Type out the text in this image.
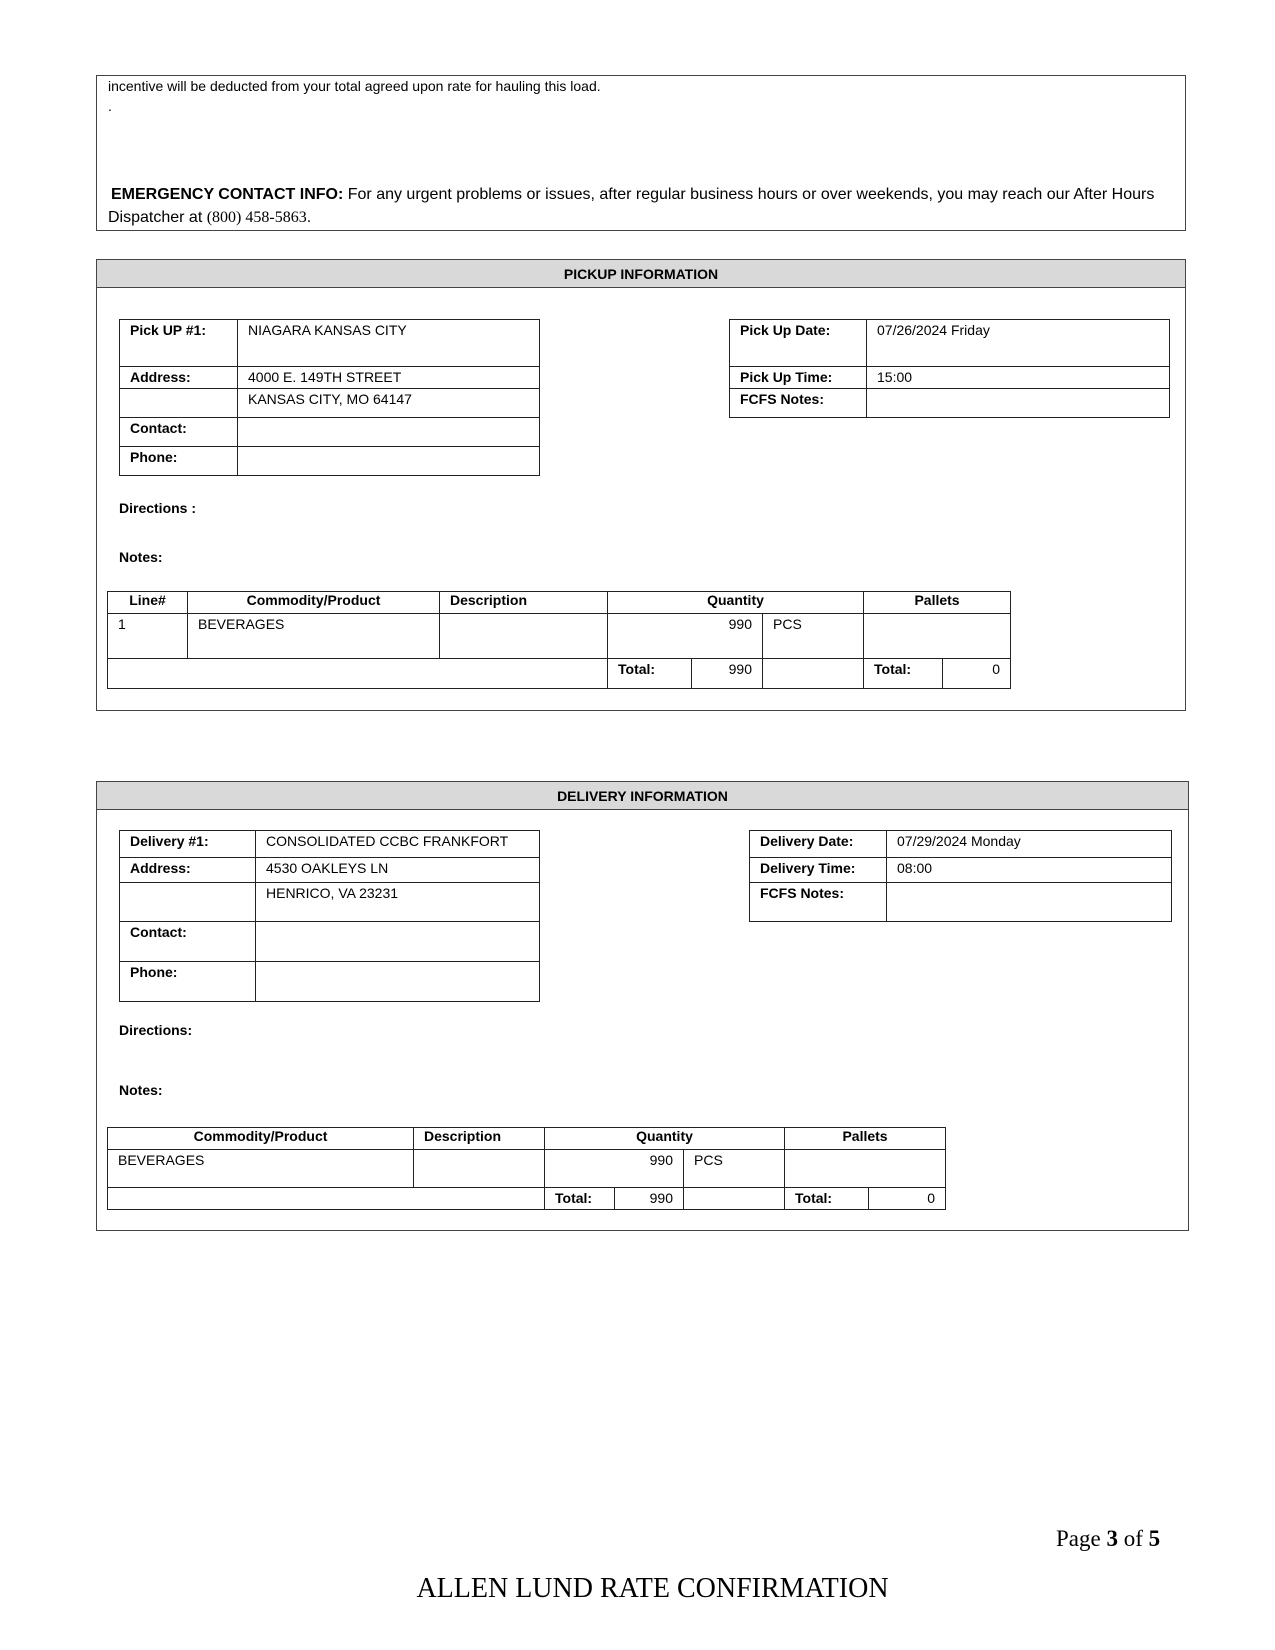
incentive will be deducted from your total agreed upon rate for hauling this load.
.
EMERGENCY CONTACT INFO: For any urgent problems or issues, after regular business hours or over weekends, you may reach our After Hours Dispatcher at (800) 458-5863.
PICKUP INFORMATION
Pick UP #1:	NIAGARA KANSAS CITY
Address:	4000 E. 149TH STREET
	KANSAS CITY, MO 64147
Contact:	
Phone:	
Pick Up Date:	07/26/2024 Friday
Pick Up Time:	15:00
FCFS Notes:	
Directions :
Notes:
Line#	Commodity/Product	Description	Quantity			Pallets	
1	BEVERAGES		990		PCS		
			Total:	990		Total:	0
DELIVERY INFORMATION
Delivery #1:	CONSOLIDATED CCBC FRANKFORT
Address:	4530 OAKLEYS LN
	HENRICO, VA 23231
Contact:	
Phone:	
Delivery Date:	07/29/2024 Monday
Delivery Time:	08:00
FCFS Notes:	
Directions:
Notes:
Commodity/Product	Description	Quantity			Pallets	
BEVERAGES		990		PCS		
		Total:	990		Total:	0
Page 3 of 5
ALLEN LUND RATE CONFIRMATION
